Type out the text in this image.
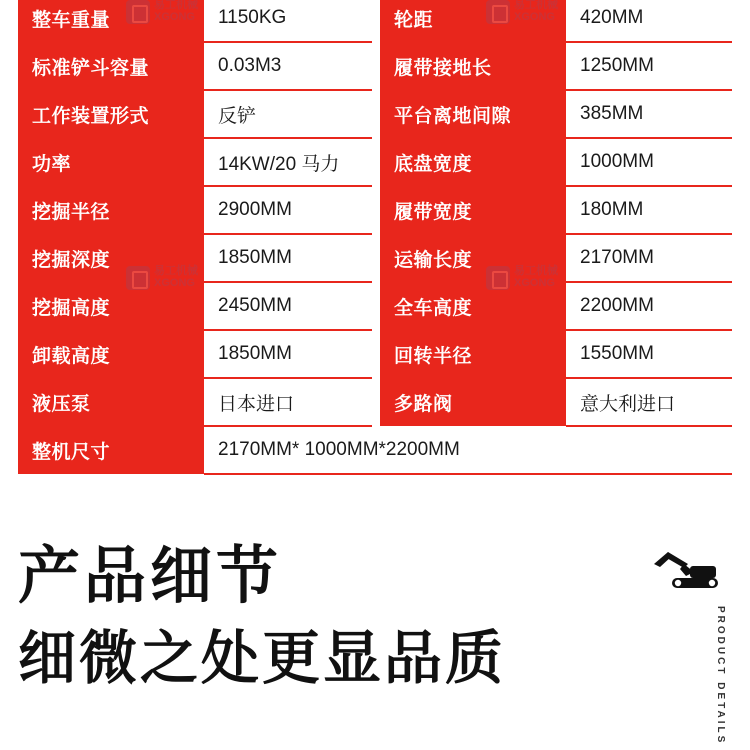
整车重量	1150KG		轮距	420MM
标准铲斗容量	0.03M3		履带接地长	1250MM
工作装置形式	反铲		平台离地间隙	385MM
功率	14KW/20 马力		底盘宽度	1000MM
挖掘半径	2900MM		履带宽度	180MM
挖掘深度	1850MM		运输长度	2170MM
挖掘高度	2450MM		全车高度	2200MM
卸载高度	1850MM		回转半径	1550MM
液压泵	日本进口		多路阀	意大利进口
整机尺寸	2170MM* 1000MM*2200MM			

产品细节
细微之处更显品质	PRODUCT DETAILS
